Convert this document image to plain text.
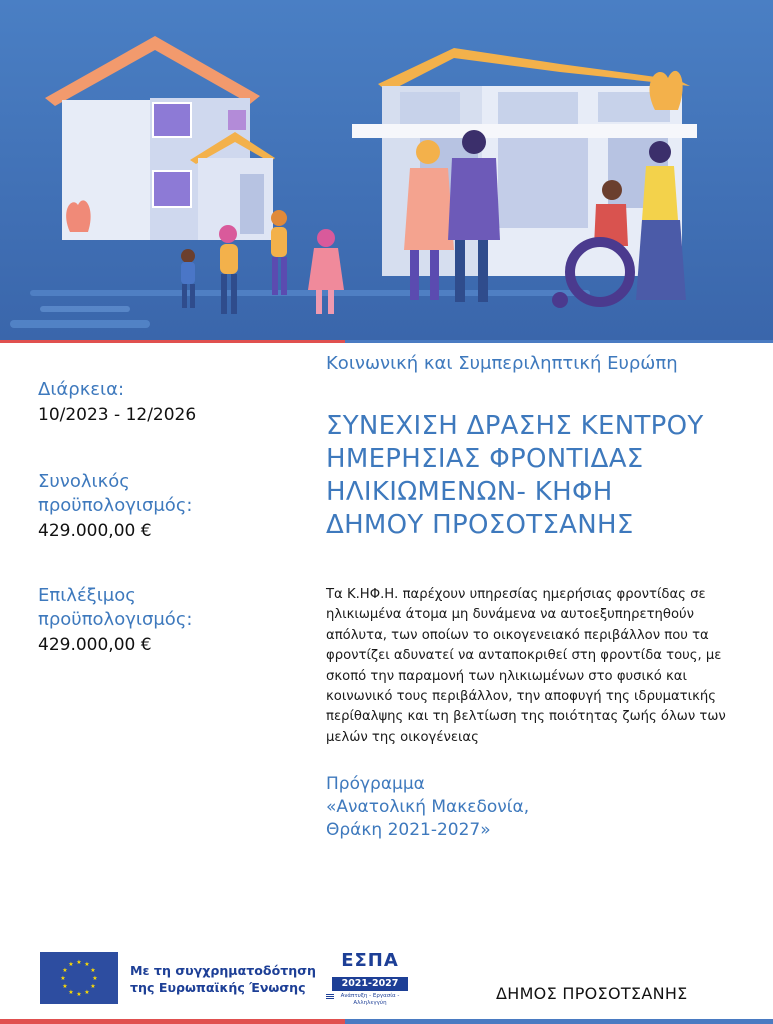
Διάρκεια:
10/2023 - 12/2026
Συνολικός
προϋπολογισμός:
429.000,00 €
Επιλέξιμος
προϋπολογισμός:
429.000,00 €
Κοινωνική και Συμπεριληπτική Ευρώπη
ΣΥΝΕΧΙΣΗ ΔΡΑΣΗΣ ΚΕΝΤΡΟΥ
ΗΜΕΡΗΣΙΑΣ ΦΡΟΝΤΙΔΑΣ
ΗΛΙΚΙΩΜΕΝΩΝ- ΚΗΦΗ
ΔΗΜΟΥ ΠΡΟΣΟΤΣΑΝΗΣ
Τα Κ.ΗΦ.Η. παρέχουν υπηρεσίας ημερήσιας φροντίδας σε
ηλικιωμένα άτομα μη δυνάμενα να αυτοεξυπηρετηθούν
απόλυτα, των οποίων το οικογενειακό περιβάλλον που τα
φροντίζει αδυνατεί να ανταποκριθεί στη φροντίδα τους, με
σκοπό την παραμονή των ηλικιωμένων στο φυσικό και
κοινωνικό τους περιβάλλον, την αποφυγή της ιδρυματικής
περίθαλψης και τη βελτίωση της ποιότητας ζωής όλων των
μελών της οικογένειας
Πρόγραμμα
«Ανατολική Μακεδονία,
Θράκη 2021-2027»
★ ★
★
★
★
★
★
★
★
★
★
★	Με τη συγχρηματοδότηση
της Ευρωπαϊκής Ένωσης
ΕΣΠΑ
2021-2027
Ανάπτυξη - Εργασία - Αλληλεγγύη	ΔΗΜΟΣ ΠΡΟΣΟΤΣΑΝΗΣ
